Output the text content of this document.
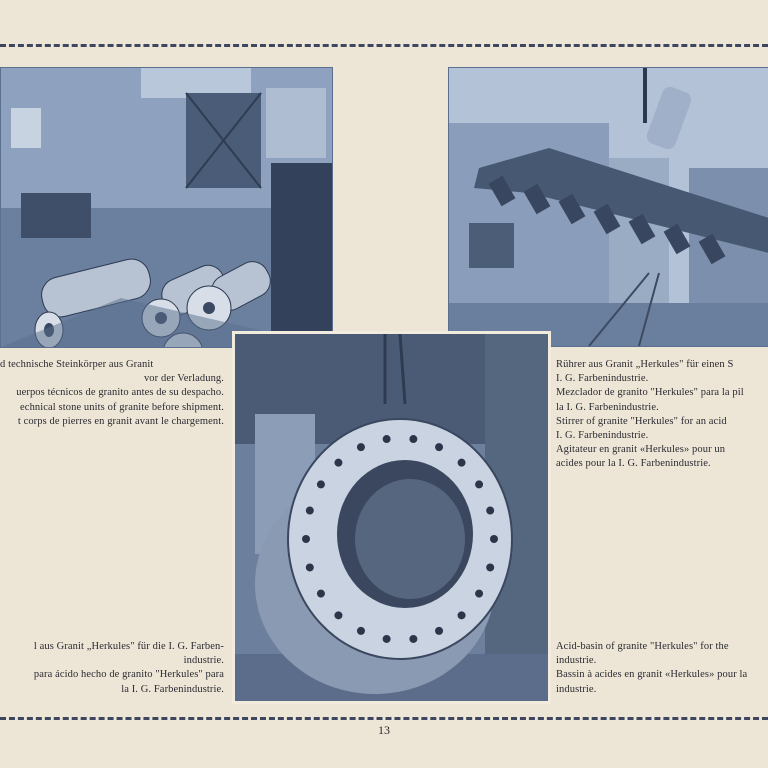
d technische Steinkörper aus Granit
vor der Verladung.
uerpos técnicos de granito antes de su despacho.
echnical stone units of granite before shipment.
t corps de pierres en granit avant le chargement.
Rührer aus Granit „Herkules" für einen S
I. G. Farbenindustrie.
Mezclador de granito "Herkules" para la pil
la I. G. Farbenindustrie.
Stirrer of granite "Herkules" for an acid
I. G. Farbenindustrie.
Agitateur en granit «Herkules» pour un
acides pour la I. G. Farbenindustrie.
l aus Granit „Herkules" für die I. G. Farben-
industrie.
para ácido hecho de granito "Herkules" para
la I. G. Farbenindustrie.
Acid-basin of granite "Herkules" for the
industrie.
Bassin à acides en granit «Herkules» pour la
industrie.
13
